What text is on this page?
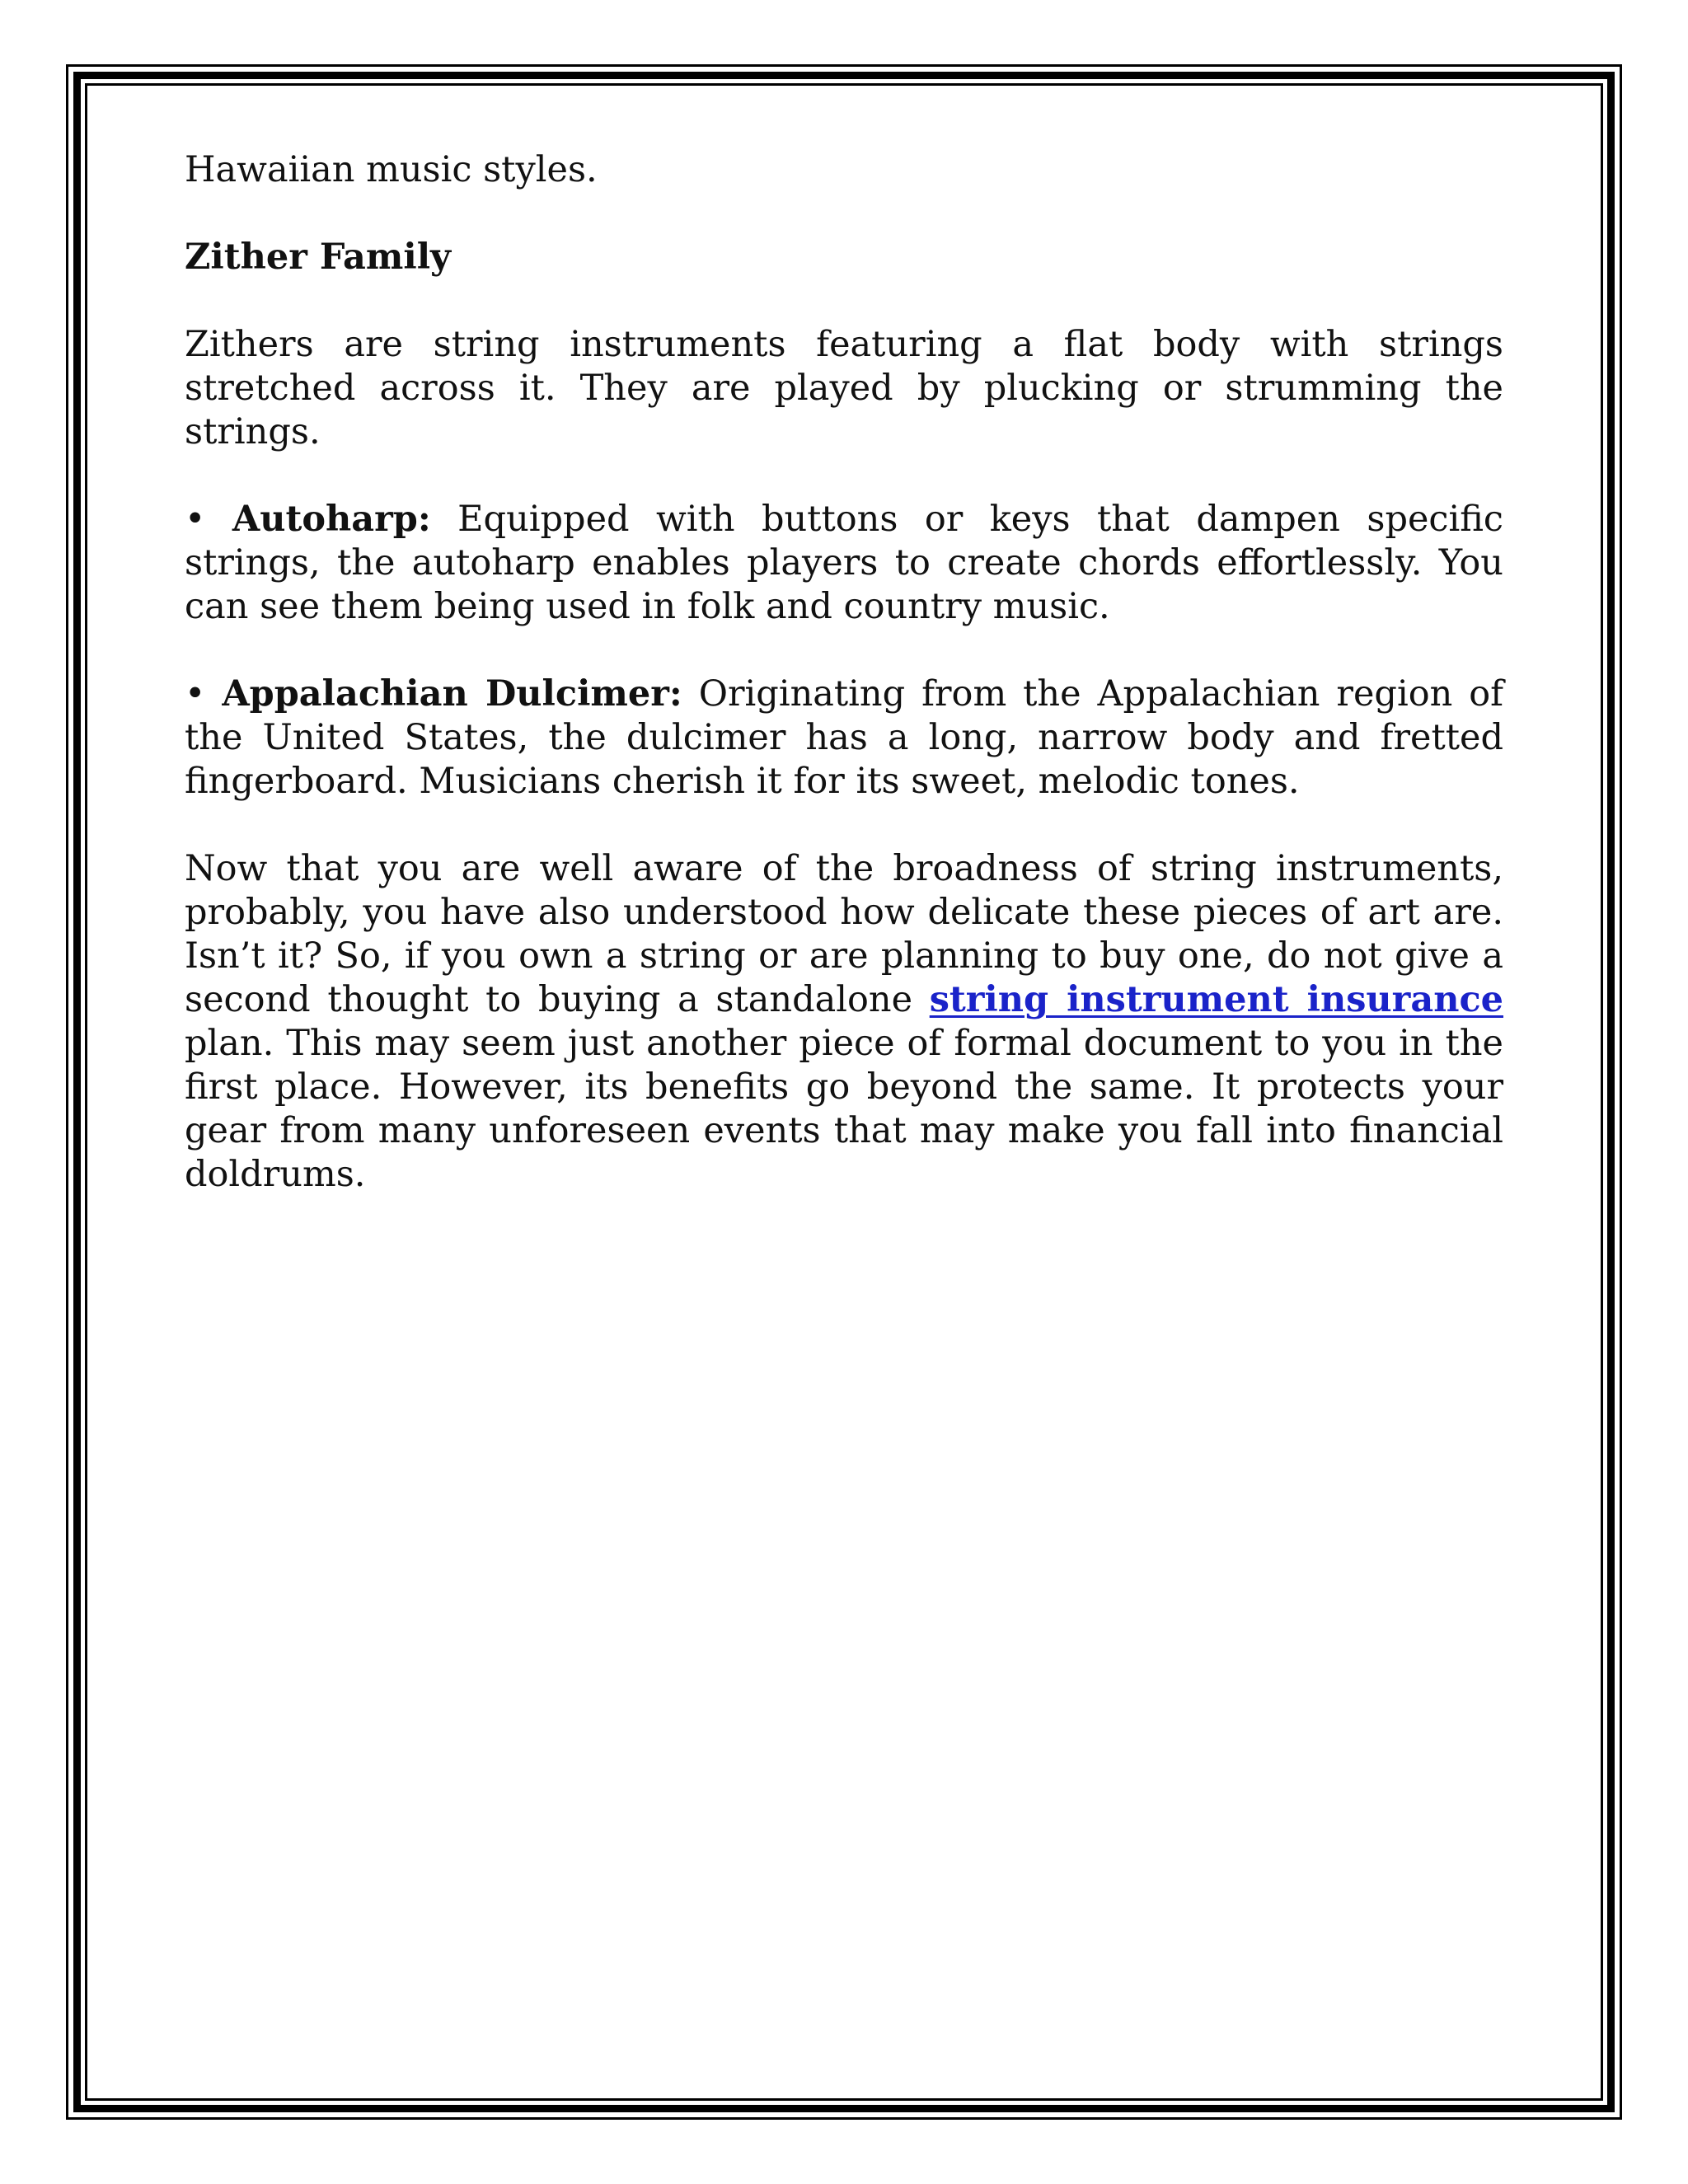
Hawaiian music styles.

Zither Family

Zithers are string instruments featuring a flat body with strings stretched across it. They are played by plucking or strumming the strings.

• Autoharp: Equipped with buttons or keys that dampen specific strings, the autoharp enables players to create chords effortlessly. You can see them being used in folk and country music.

• Appalachian Dulcimer: Originating from the Appalachian region of the United States, the dulcimer has a long, narrow body and fretted fingerboard. Musicians cherish it for its sweet, melodic tones.

Now that you are well aware of the broadness of string instruments, probably, you have also understood how delicate these pieces of art are. Isn’t it? So, if you own a string or are planning to buy one, do not give a second thought to buying a standalone string instrument insurance plan. This may seem just another piece of formal document to you in the first place. However, its benefits go beyond the same. It protects your gear from many unforeseen events that may make you fall into financial doldrums.
